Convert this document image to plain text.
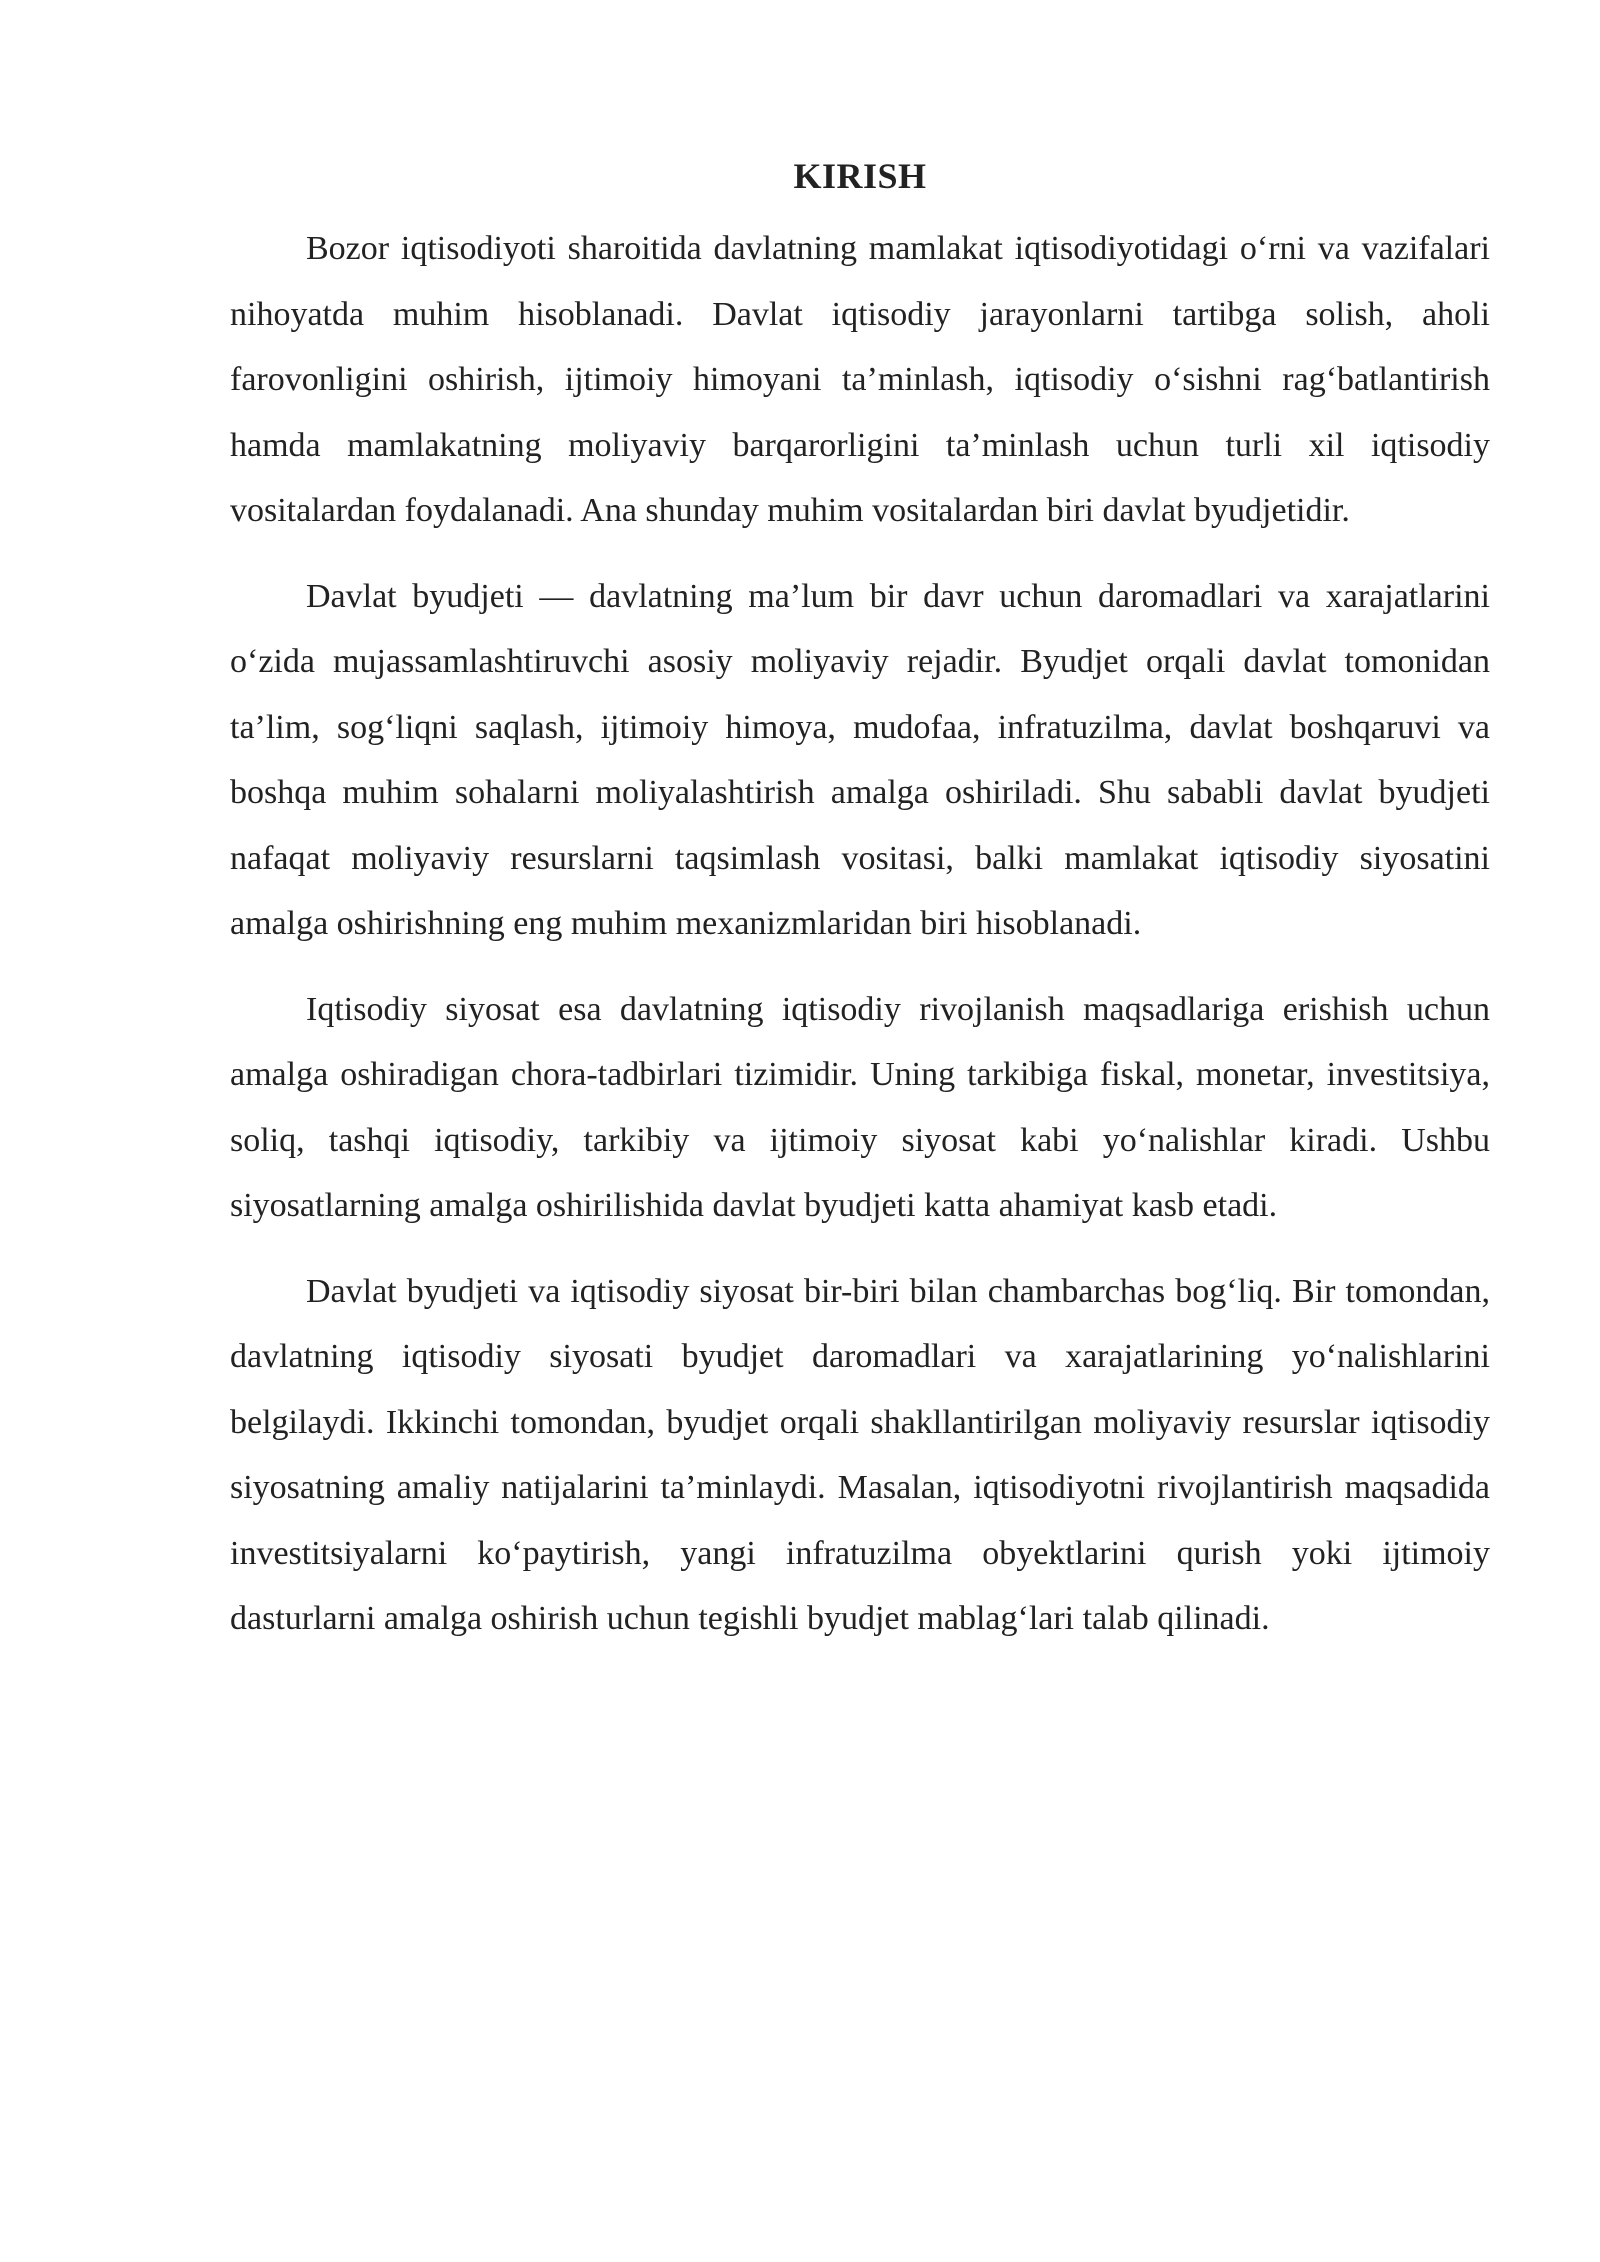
KIRISH

Bozor iqtisodiyoti sharoitida davlatning mamlakat iqtisodiyotidagi o‘rni va vazifalari nihoyatda muhim hisoblanadi. Davlat iqtisodiy jarayonlarni tartibga solish, aholi farovonligini oshirish, ijtimoiy himoyani ta’minlash, iqtisodiy o‘sishni rag‘batlantirish hamda mamlakatning moliyaviy barqarorligini ta’minlash uchun turli xil iqtisodiy vositalardan foydalanadi. Ana shunday muhim vositalardan biri davlat byudjetidir.

Davlat byudjeti — davlatning ma’lum bir davr uchun daromadlari va xarajatlarini o‘zida mujassamlashtiruvchi asosiy moliyaviy rejadir. Byudjet orqali davlat tomonidan ta’lim, sog‘liqni saqlash, ijtimoiy himoya, mudofaa, infratuzilma, davlat boshqaruvi va boshqa muhim sohalarni moliyalashtirish amalga oshiriladi. Shu sababli davlat byudjeti nafaqat moliyaviy resurslarni taqsimlash vositasi, balki mamlakat iqtisodiy siyosatini amalga oshirishning eng muhim mexanizmlaridan biri hisoblanadi.

Iqtisodiy siyosat esa davlatning iqtisodiy rivojlanish maqsadlariga erishish uchun amalga oshiradigan chora-tadbirlari tizimidir. Uning tarkibiga fiskal, monetar, investitsiya, soliq, tashqi iqtisodiy, tarkibiy va ijtimoiy siyosat kabi yo‘nalishlar kiradi. Ushbu siyosatlarning amalga oshirilishida davlat byudjeti katta ahamiyat kasb etadi.

Davlat byudjeti va iqtisodiy siyosat bir-biri bilan chambarchas bog‘liq. Bir tomondan, davlatning iqtisodiy siyosati byudjet daromadlari va xarajatlarining yo‘nalishlarini belgilaydi. Ikkinchi tomondan, byudjet orqali shakllantirilgan moliyaviy resurslar iqtisodiy siyosatning amaliy natijalarini ta’minlaydi. Masalan, iqtisodiyotni rivojlantirish maqsadida investitsiyalarni ko‘paytirish, yangi infratuzilma obyektlarini qurish yoki ijtimoiy dasturlarni amalga oshirish uchun tegishli byudjet mablag‘lari talab qilinadi.
